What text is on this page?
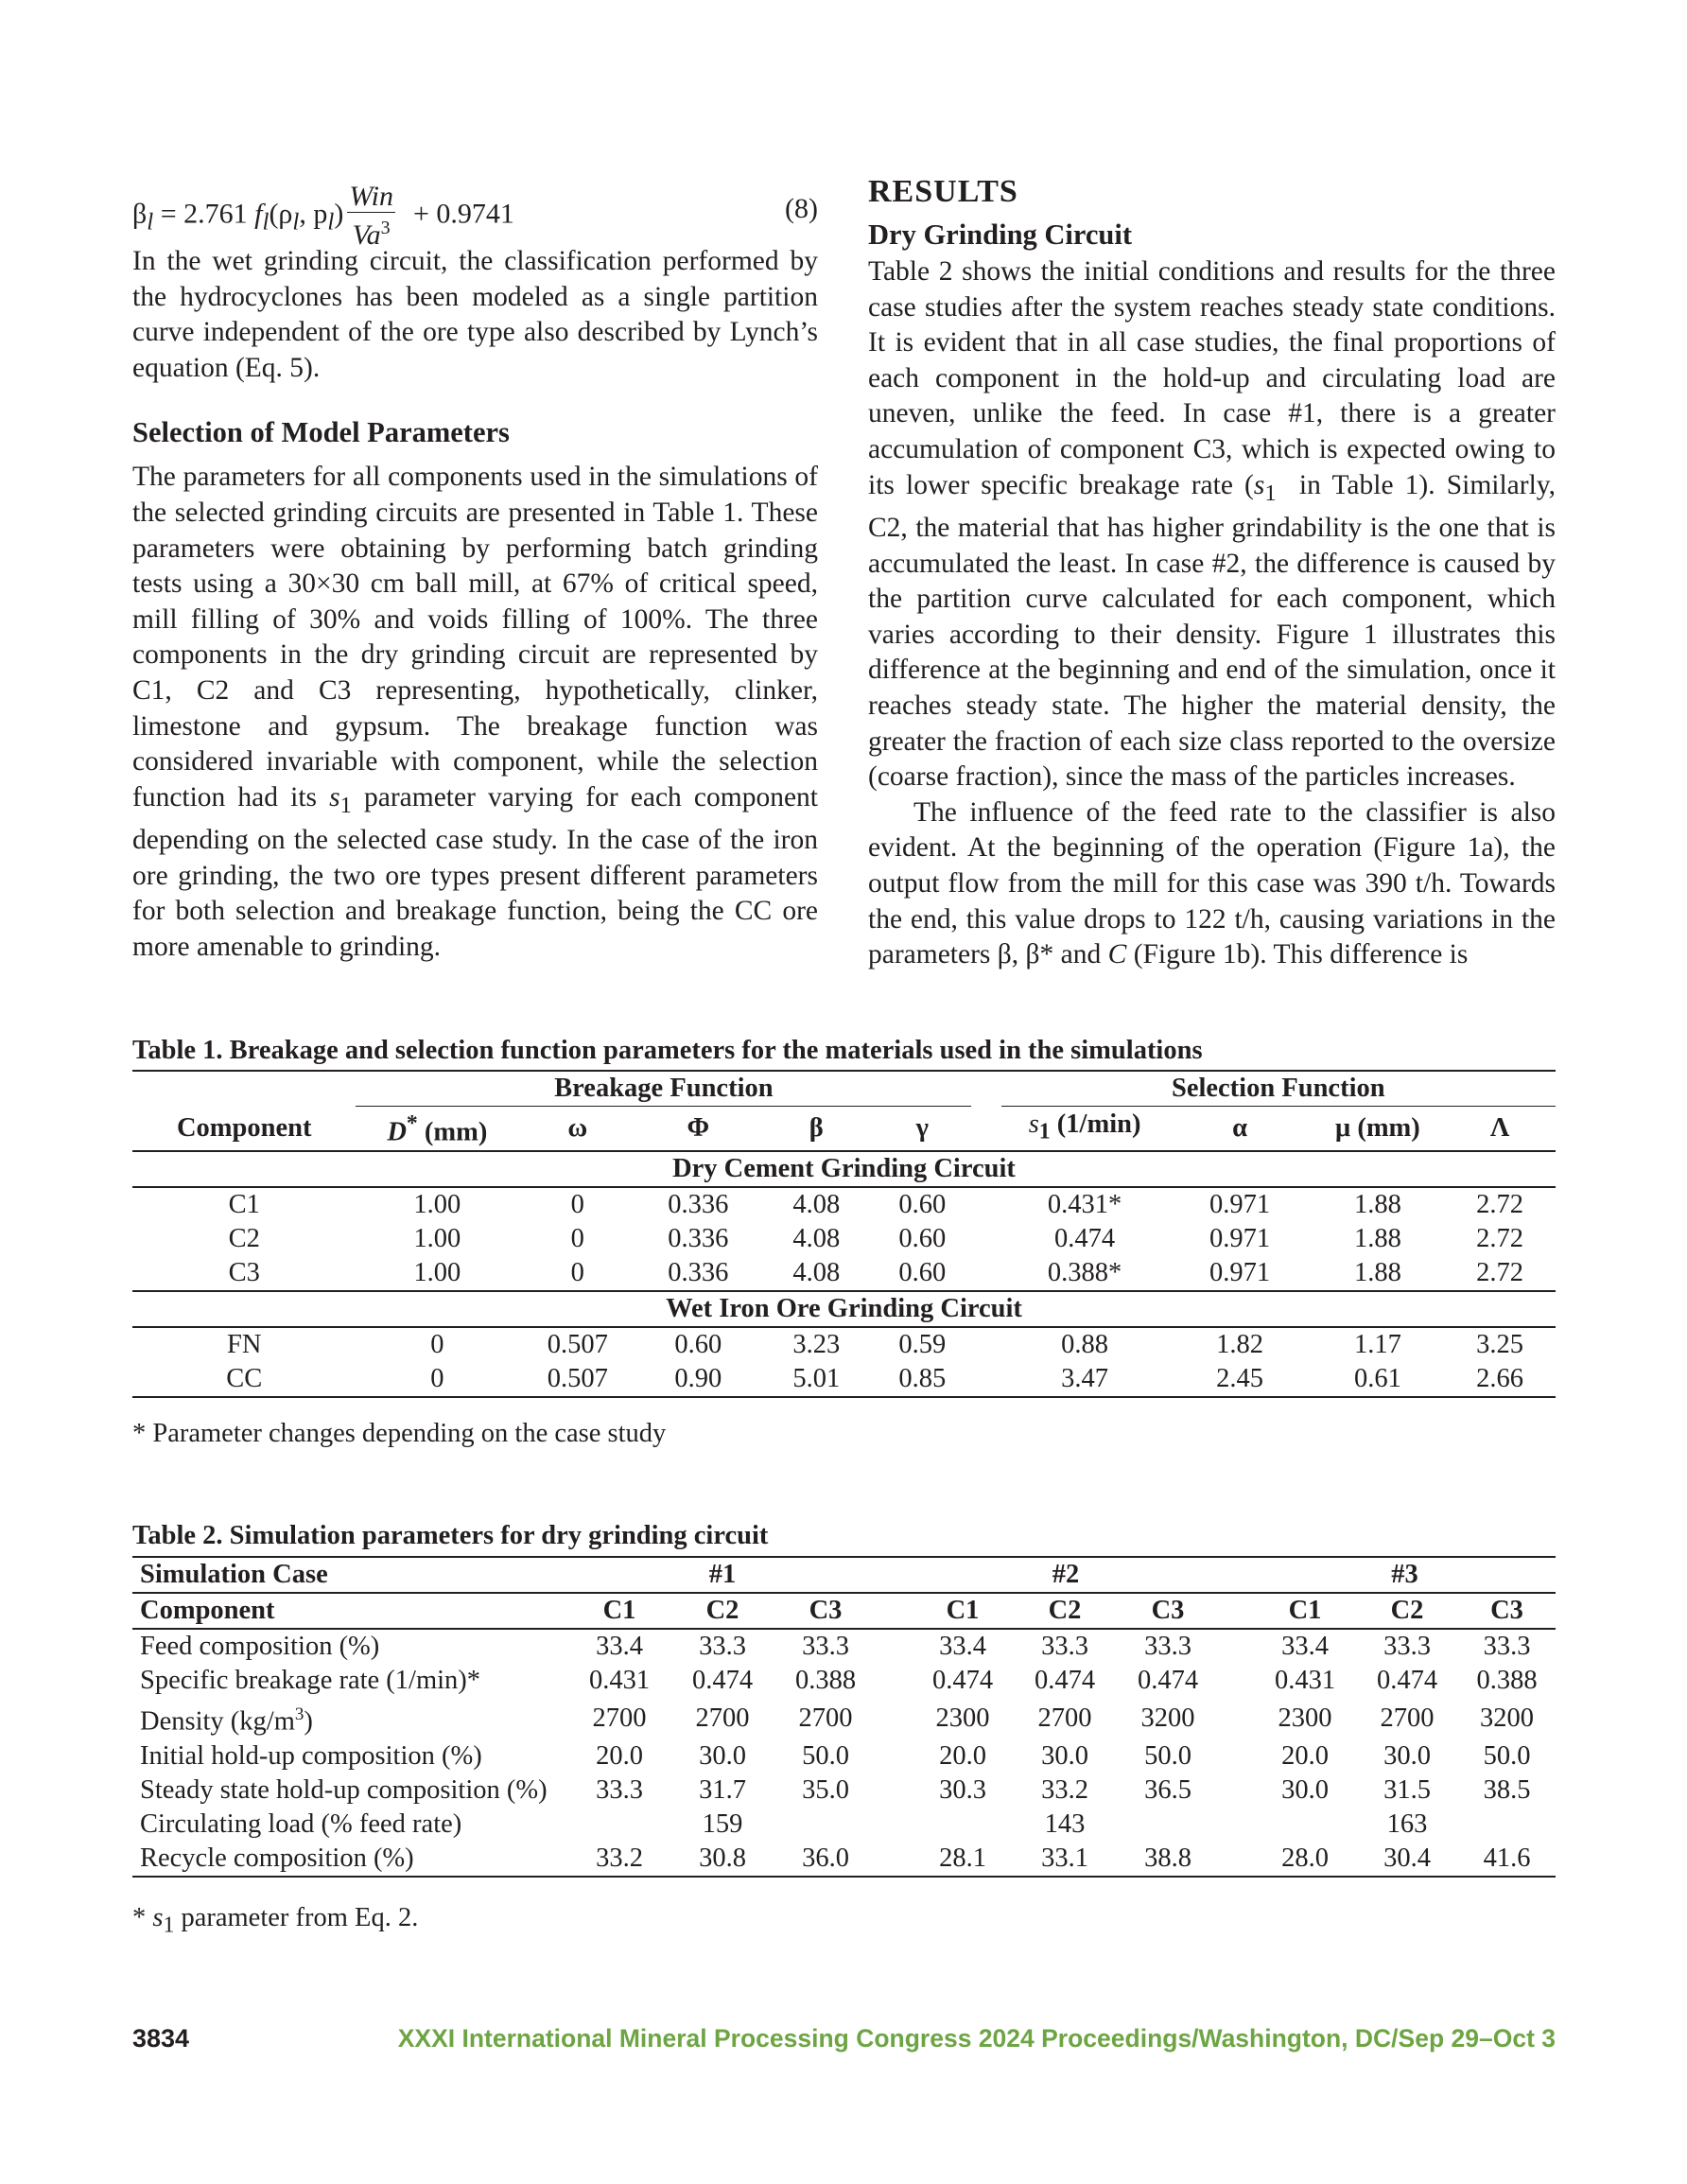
$\beta_l = 2.761$ $f_l(\rho_l$, $p_l) \frac{\text{Win}}{Va^3} + 0.9741$	(8)

In the wet grinding circuit, the classification performed by the hydrocyclones has been modeled as a single partition curve independent of the ore type also described by Lynch’s equation (Eq. 5).

Selection of Model Parameters

The parameters for all components used in the simulations of the selected grinding circuits are presented in Table 1. These parameters were obtaining by performing batch grinding tests using a 30×30 cm ball mill, at 67% of critical speed, mill filling of 30% and voids filling of 100%. The three components in the dry grinding circuit are represented by C1, C2 and C3 representing, hypothetically, clinker, limestone and gypsum. The breakage function was considered invariable with component, while the selection function had its $s_1$ parameter varying for each component depending on the selected case study. In the case of the iron ore grinding, the two ore types present different parameters for both selection and breakage function, being the CC ore more amenable to grinding.

RESULTS
Dry Grinding Circuit

Table 2 shows the initial conditions and results for the three case studies after the system reaches steady state conditions. It is evident that in all case studies, the final proportions of each component in the hold-up and circulating load are uneven, unlike the feed. In case #1, there is a greater accumulation of component C3, which is expected owing to its lower specific breakage rate ($s_1$  in Table 1). Similarly, C2, the material that has higher grindability is the one that is accumulated the least. In case #2, the difference is caused by the partition curve calculated for each component, which varies according to their density. Figure 1 illustrates this difference at the beginning and end of the simulation, once it reaches steady state. The higher the material density, the greater the fraction of each size class reported to the oversize (coarse fraction), since the mass of the particles increases.

The influence of the feed rate to the classifier is also evident. At the beginning of the operation (Figure 1a), the output flow from the mill for this case was 390 t/h. Towards the end, this value drops to 122 t/h, causing variations in the parameters β, β* and C (Figure 1b). This difference is

Table 1. Breakage and selection function parameters for the materials used in the simulations
	Breakage Function						Selection Function			
Component	D* (mm)	ω	Φ	β	γ		$s_1$ (1/min)	α	μ (mm)	Λ
Dry Cement Grinding Circuit										
C1	1.00	0	0.336	4.08	0.60		0.431*	0.971	1.88	2.72
C2	1.00	0	0.336	4.08	0.60		0.474	0.971	1.88	2.72
C3	1.00	0	0.336	4.08	0.60		0.388*	0.971	1.88	2.72
Wet Iron Ore Grinding Circuit										
FN	0	0.507	0.60	3.23	0.59		0.88	1.82	1.17	3.25
CC	0	0.507	0.90	5.01	0.85		3.47	2.45	0.61	2.66
* Parameter changes depending on the case study
Table 2. Simulation parameters for dry grinding circuit
Simulation Case	#1				#2				#3		
Component	C1	C2	C3		C1	C2	C3		C1	C2	C3
Feed composition (%)	33.4	33.3	33.3		33.4	33.3	33.3		33.4	33.3	33.3
Specific breakage rate (1/min)*	0.431	0.474	0.388		0.474	0.474	0.474		0.431	0.474	0.388
Density $(kg/m^3)$	2700	2700	2700		2300	2700	3200		2300	2700	3200
Initial hold-up composition (%)	20.0	30.0	50.0		20.0	30.0	50.0		20.0	30.0	50.0
Steady state hold-up composition (%)	33.3	31.7	35.0		30.3	33.2	36.5		30.0	31.5	38.5
Circulating load (% feed rate)		159				143				163	
Recycle composition (%)	33.2	30.8	36.0		28.1	33.1	38.8		28.0	30.4	41.6
* $s_1$ parameter from Eq. 2.
3834	XXXI International Mineral Processing Congress 2024 Proceedings/Washington, DC/Sep 29–Oct 3
